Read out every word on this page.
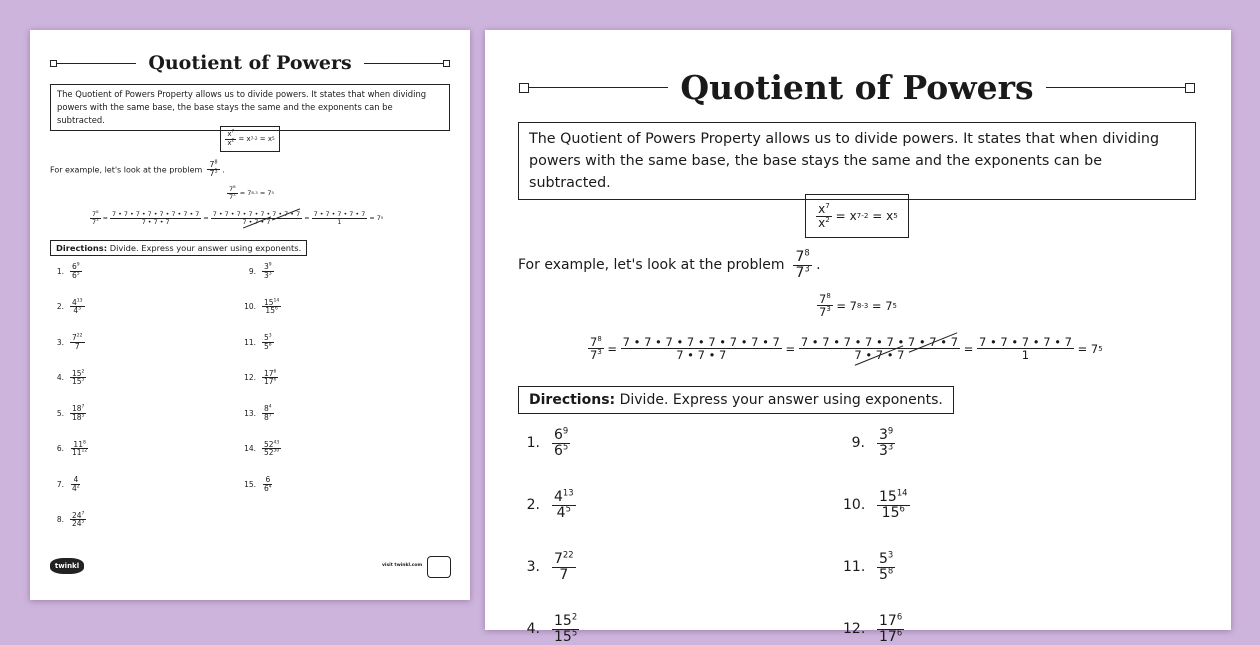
Quotient of Powers
The Quotient of Powers Property allows us to divide powers. It states that when dividing
powers with the same base, the base stays the same and the exponents can be subtracted.
$\frac{x^7}{x^2}$
=
x 7-2
=
x 5
For example, let's look at the problem $\frac{7^8}{7^3}$ .
$\frac{7^8}{7^3}$
=
7 8-3
=
7 5
$\frac{7^8}{7^3}$
=
$\frac{7 • 7 • 7 • 7 • 7 • 7 • 7 • 7}{7 • 7 • 7}$
=
$\frac{7 • 7 • 7 • 7 • 7 • 7 • 7 • 7}{7 • 7 • 7}$
=
$\frac{7 • 7 • 7 • 7 • 7}{1}$
=
7 5
Directions: Divide. Express your answer using exponents.
1.
$6^9$
$6^5$
2.
$4^{13}$
$4^5$
3.
$7^{22}$
7
4.
$15^2$
$15^5$
5.
$18^7$
$18^5$
6.
$11^8$
$11^{12}$
7.
4
$4^2$
8.
$24^7$
$24^5$
9.
$3^9$
$3^3$
10.
$15^{14}$
$15^6$
11.
$5^3$
$5^8$
12.
$17^6$
$17^6$
13.
$8^4$
$8^7$
14.
$52^{43}$
$52^{30}$
15.
6
$6^4$
twinkl	visit twinkl.com
Quotient of Powers
The Quotient of Powers Property allows us to divide powers. It states that when dividing
powers with the same base, the base stays the same and the exponents can be subtracted.
$\frac{x^7}{x^2}$
=
x 7-2
=
x 5
For example, let's look at the problem $\frac{7^8}{7^3}$ .
$\frac{7^8}{7^3}$
=
7 8-3
=
7 5
$\frac{7^8}{7^3}$
=
$\frac{7 • 7 • 7 • 7 • 7 • 7 • 7 • 7}{7 • 7 • 7}$
=
$\frac{7 • 7 • 7 • 7 • 7 • 7 • 7 • 7}{7 • 7 • 7}$
=
$\frac{7 • 7 • 7 • 7 • 7}{1}$
=
7 5
Directions: Divide. Express your answer using exponents.
1.
$6^9$
$6^5$
2.
$4^{13}$
$4^5$
3.
$7^{22}$
7
4.
$15^2$
$15^5$
9.
$3^9$
$3^3$
10.
$15^{14}$
$15^6$
11.
$5^3$
$5^8$
12.
$17^6$
$17^6$
